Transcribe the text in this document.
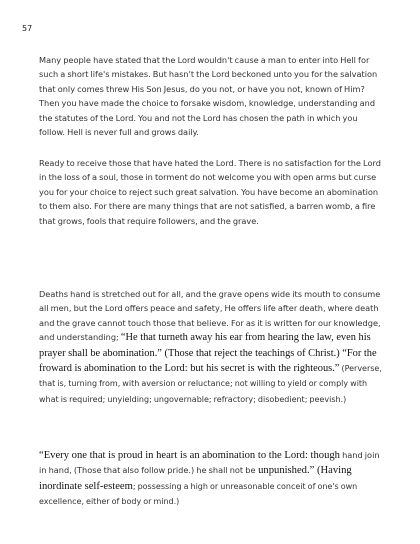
57

Many people have stated that the Lord wouldn't cause a man to enter into Hell for such a short life's mistakes. But hasn't the Lord beckoned unto you for the salvation that only comes threw His Son Jesus, do you not, or have you not, known of Him? Then you have made the choice to forsake wisdom, knowledge, understanding and the statutes of the Lord. You and not the Lord has chosen the path in which you follow. Hell is never full and grows daily.

Ready to receive those that have hated the Lord. There is no satisfaction for the Lord in the loss of a soul, those in torment do not welcome you with open arms but curse you for your choice to reject such great salvation. You have become an abomination to them also. For there are many things that are not satisfied, a barren womb, a fire that grows, fools that require followers, and the grave.

Deaths hand is stretched out for all, and the grave opens wide its mouth to consume all men, but the Lord offers peace and safety, He offers life after death, where death and the grave cannot touch those that believe. For as it is written for our knowledge, and understanding; “He that turneth away his ear from hearing the law, even his prayer shall be abomination.” (Those that reject the teachings of Christ.) “For the froward is abomination to the Lord: but his secret is with the righteous.” (Perverse, that is, turning from, with aversion or reluctance; not willing to yield or comply with what is required; unyielding; ungovernable; refractory; disobedient; peevish.)

“Every one that is proud in heart is an abomination to the Lord: though hand join in hand, (Those that also follow pride.) he shall not be unpunished.” (Having inordinate self-esteem; possessing a high or unreasonable conceit of one's own excellence, either of body or mind.)
